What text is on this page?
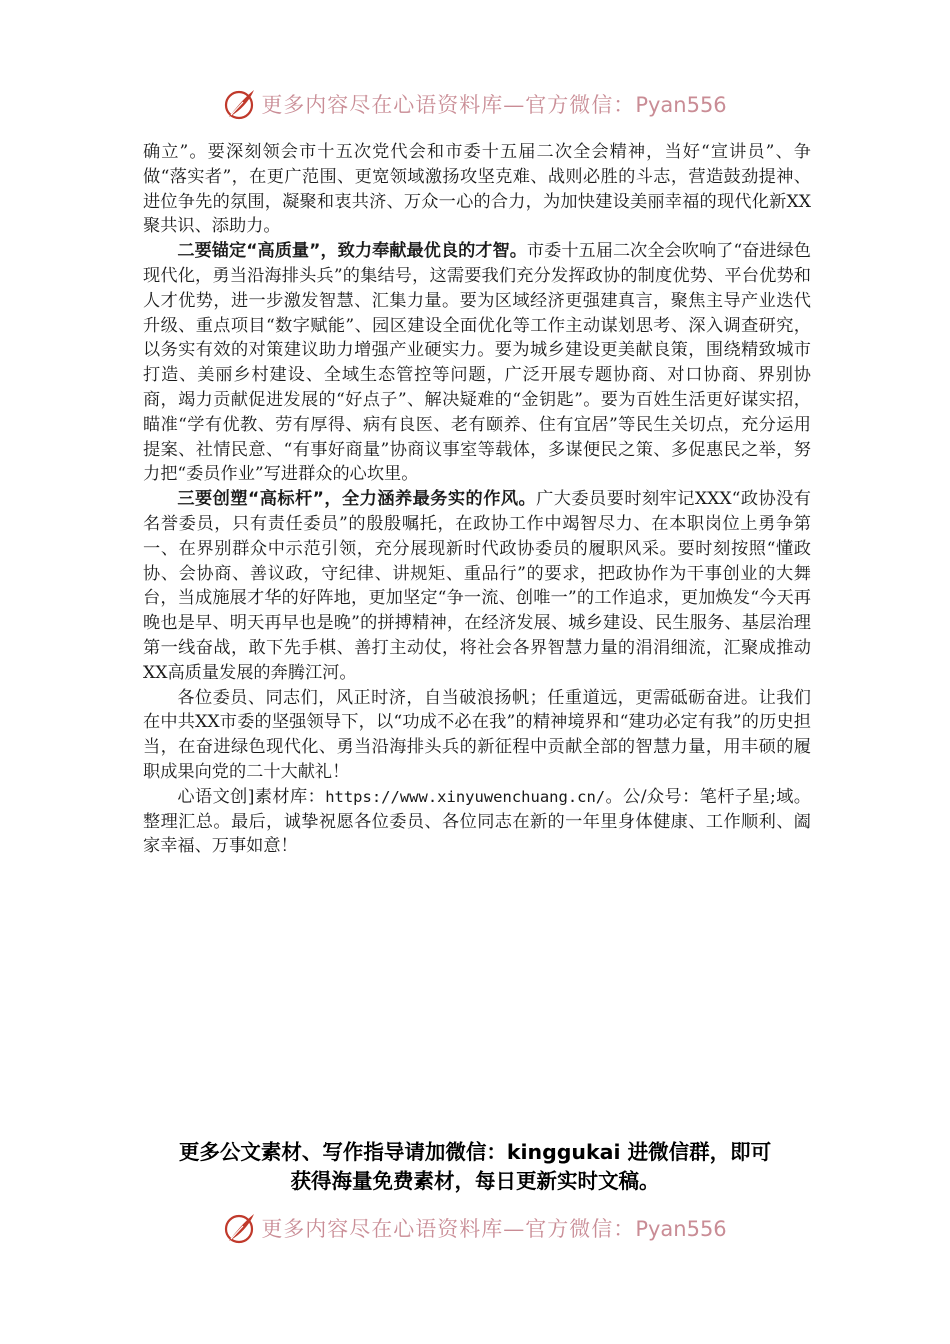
更多内容尽在心语资料库—官方微信：Pyan556

确立”。要深刻领会市十五次党代会和市委十五届二次全会精神，当好“宣讲员”、争做“落实者”，在更广范围、更宽领域激扬攻坚克难、战则必胜的斗志，营造鼓劲提神、进位争先的氛围，凝聚和衷共济、万众一心的合力，为加快建设美丽幸福的现代化新XX聚共识、添助力。

二要锚定“高质量”，致力奉献最优良的才智。市委十五届二次全会吹响了“奋进绿色现代化，勇当沿海排头兵”的集结号，这需要我们充分发挥政协的制度优势、平台优势和人才优势，进一步激发智慧、汇集力量。要为区域经济更强建真言，聚焦主导产业迭代升级、重点项目“数字赋能”、园区建设全面优化等工作主动谋划思考、深入调查研究，以务实有效的对策建议助力增强产业硬实力。要为城乡建设更美献良策，围绕精致城市打造、美丽乡村建设、全域生态管控等问题，广泛开展专题协商、对口协商、界别协商，竭力贡献促进发展的“好点子”、解决疑难的“金钥匙”。要为百姓生活更好谋实招，瞄准“学有优教、劳有厚得、病有良医、老有颐养、住有宜居”等民生关切点，充分运用提案、社情民意、“有事好商量”协商议事室等载体，多谋便民之策、多促惠民之举，努力把“委员作业”写进群众的心坎里。

三要创塑“高标杆”，全力涵养最务实的作风。广大委员要时刻牢记XXX“政协没有名誉委员，只有责任委员”的殷殷嘱托，在政协工作中竭智尽力、在本职岗位上勇争第一、在界别群众中示范引领，充分展现新时代政协委员的履职风采。要时刻按照“懂政协、会协商、善议政，守纪律、讲规矩、重品行”的要求，把政协作为干事创业的大舞台，当成施展才华的好阵地，更加坚定“争一流、创唯一”的工作追求，更加焕发“今天再晚也是早、明天再早也是晚”的拼搏精神，在经济发展、城乡建设、民生服务、基层治理第一线奋战，敢下先手棋、善打主动仗，将社会各界智慧力量的涓涓细流，汇聚成推动XX高质量发展的奔腾江河。

各位委员、同志们，风正时济，自当破浪扬帆；任重道远，更需砥砺奋进。让我们在中共XX市委的坚强领导下，以“功成不必在我”的精神境界和“建功必定有我”的历史担当，在奋进绿色现代化、勇当沿海排头兵的新征程中贡献全部的智慧力量，用丰硕的履职成果向党的二十大献礼！

心语文创]素材库：https://www.xinyuwenchuang.cn/。公/众号：笔杆子星;域。整理汇总。最后，诚挚祝愿各位委员、各位同志在新的一年里身体健康、工作顺利、阖家幸福、万事如意！

更多公文素材、写作指导请加微信：kinggukai 进微信群，即可
获得海量免费素材，每日更新实时文稿。
更多内容尽在心语资料库—官方微信：Pyan556
